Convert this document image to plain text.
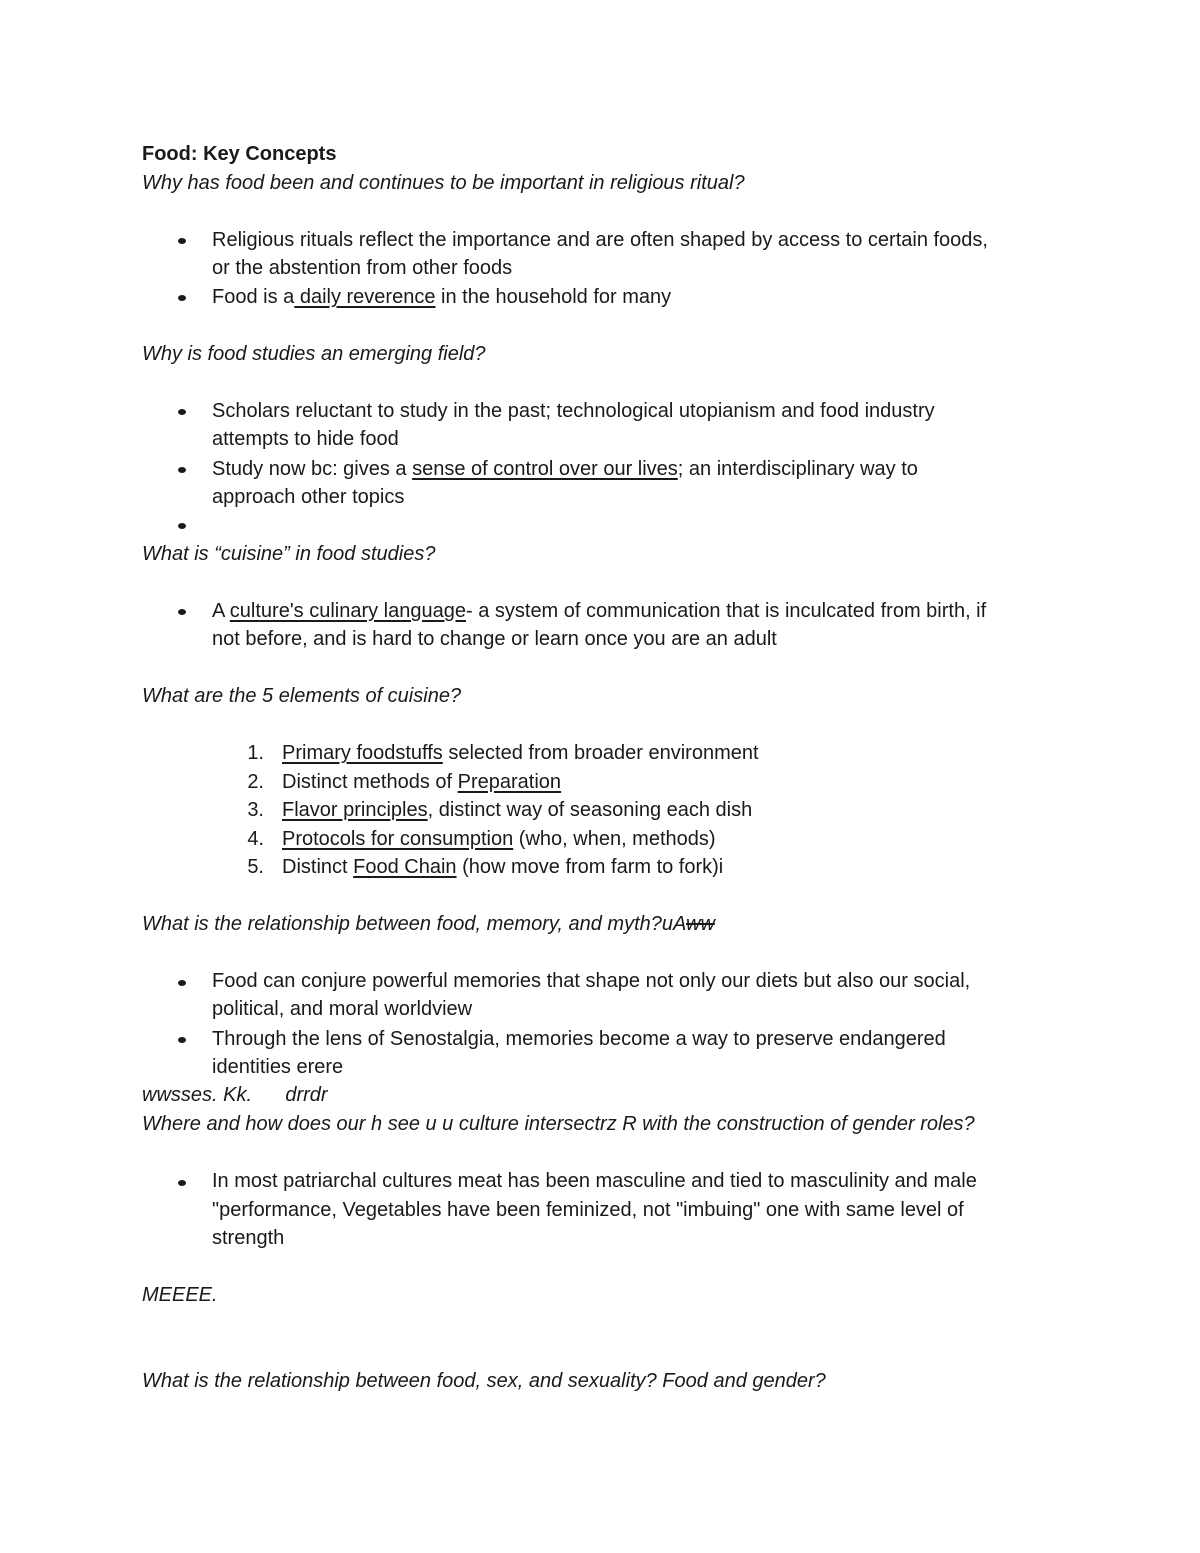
Food: Key Concepts
Why has food been and continues to be important in religious ritual?
Religious rituals reflect the importance and are often shaped by access to certain foods,
or the abstention from other foods
Food is a daily reverence in the household for many
Why is food studies an emerging field?
Scholars reluctant to study in the past; technological utopianism and food industry
attempts to hide food
Study now bc: gives a sense of control over our lives; an interdisciplinary way to
approach other topics
What is “cuisine” in food studies?
A culture's culinary language- a system of communication that is inculcated from birth, if
not before, and is hard to change or learn once you are an adult
What are the 5 elements of cuisine?
1. Primary foodstuffs selected from broader environment
2. Distinct methods of Preparation
3. Flavor principles, distinct way of seasoning each dish
4. Protocols for consumption (who, when, methods)
5. Distinct Food Chain (how move from farm to fork)i
What is the relationship between food, memory, and myth?uAww
Food can conjure powerful memories that shape not only our diets but also our social,
political, and moral worldview
Through the lens of Senostalgia, memories become a way to preserve endangered
identities erere
wwsses. Kk.      drrdr
Where and how does our h see u u culture intersectrz R with the construction of gender roles?
In most patriarchal cultures meat has been masculine and tied to masculinity and male
"performance, Vegetables have been feminized, not "imbuing" one with same level of
strength
MEEEE.
What is the relationship between food, sex, and sexuality? Food and gender?
